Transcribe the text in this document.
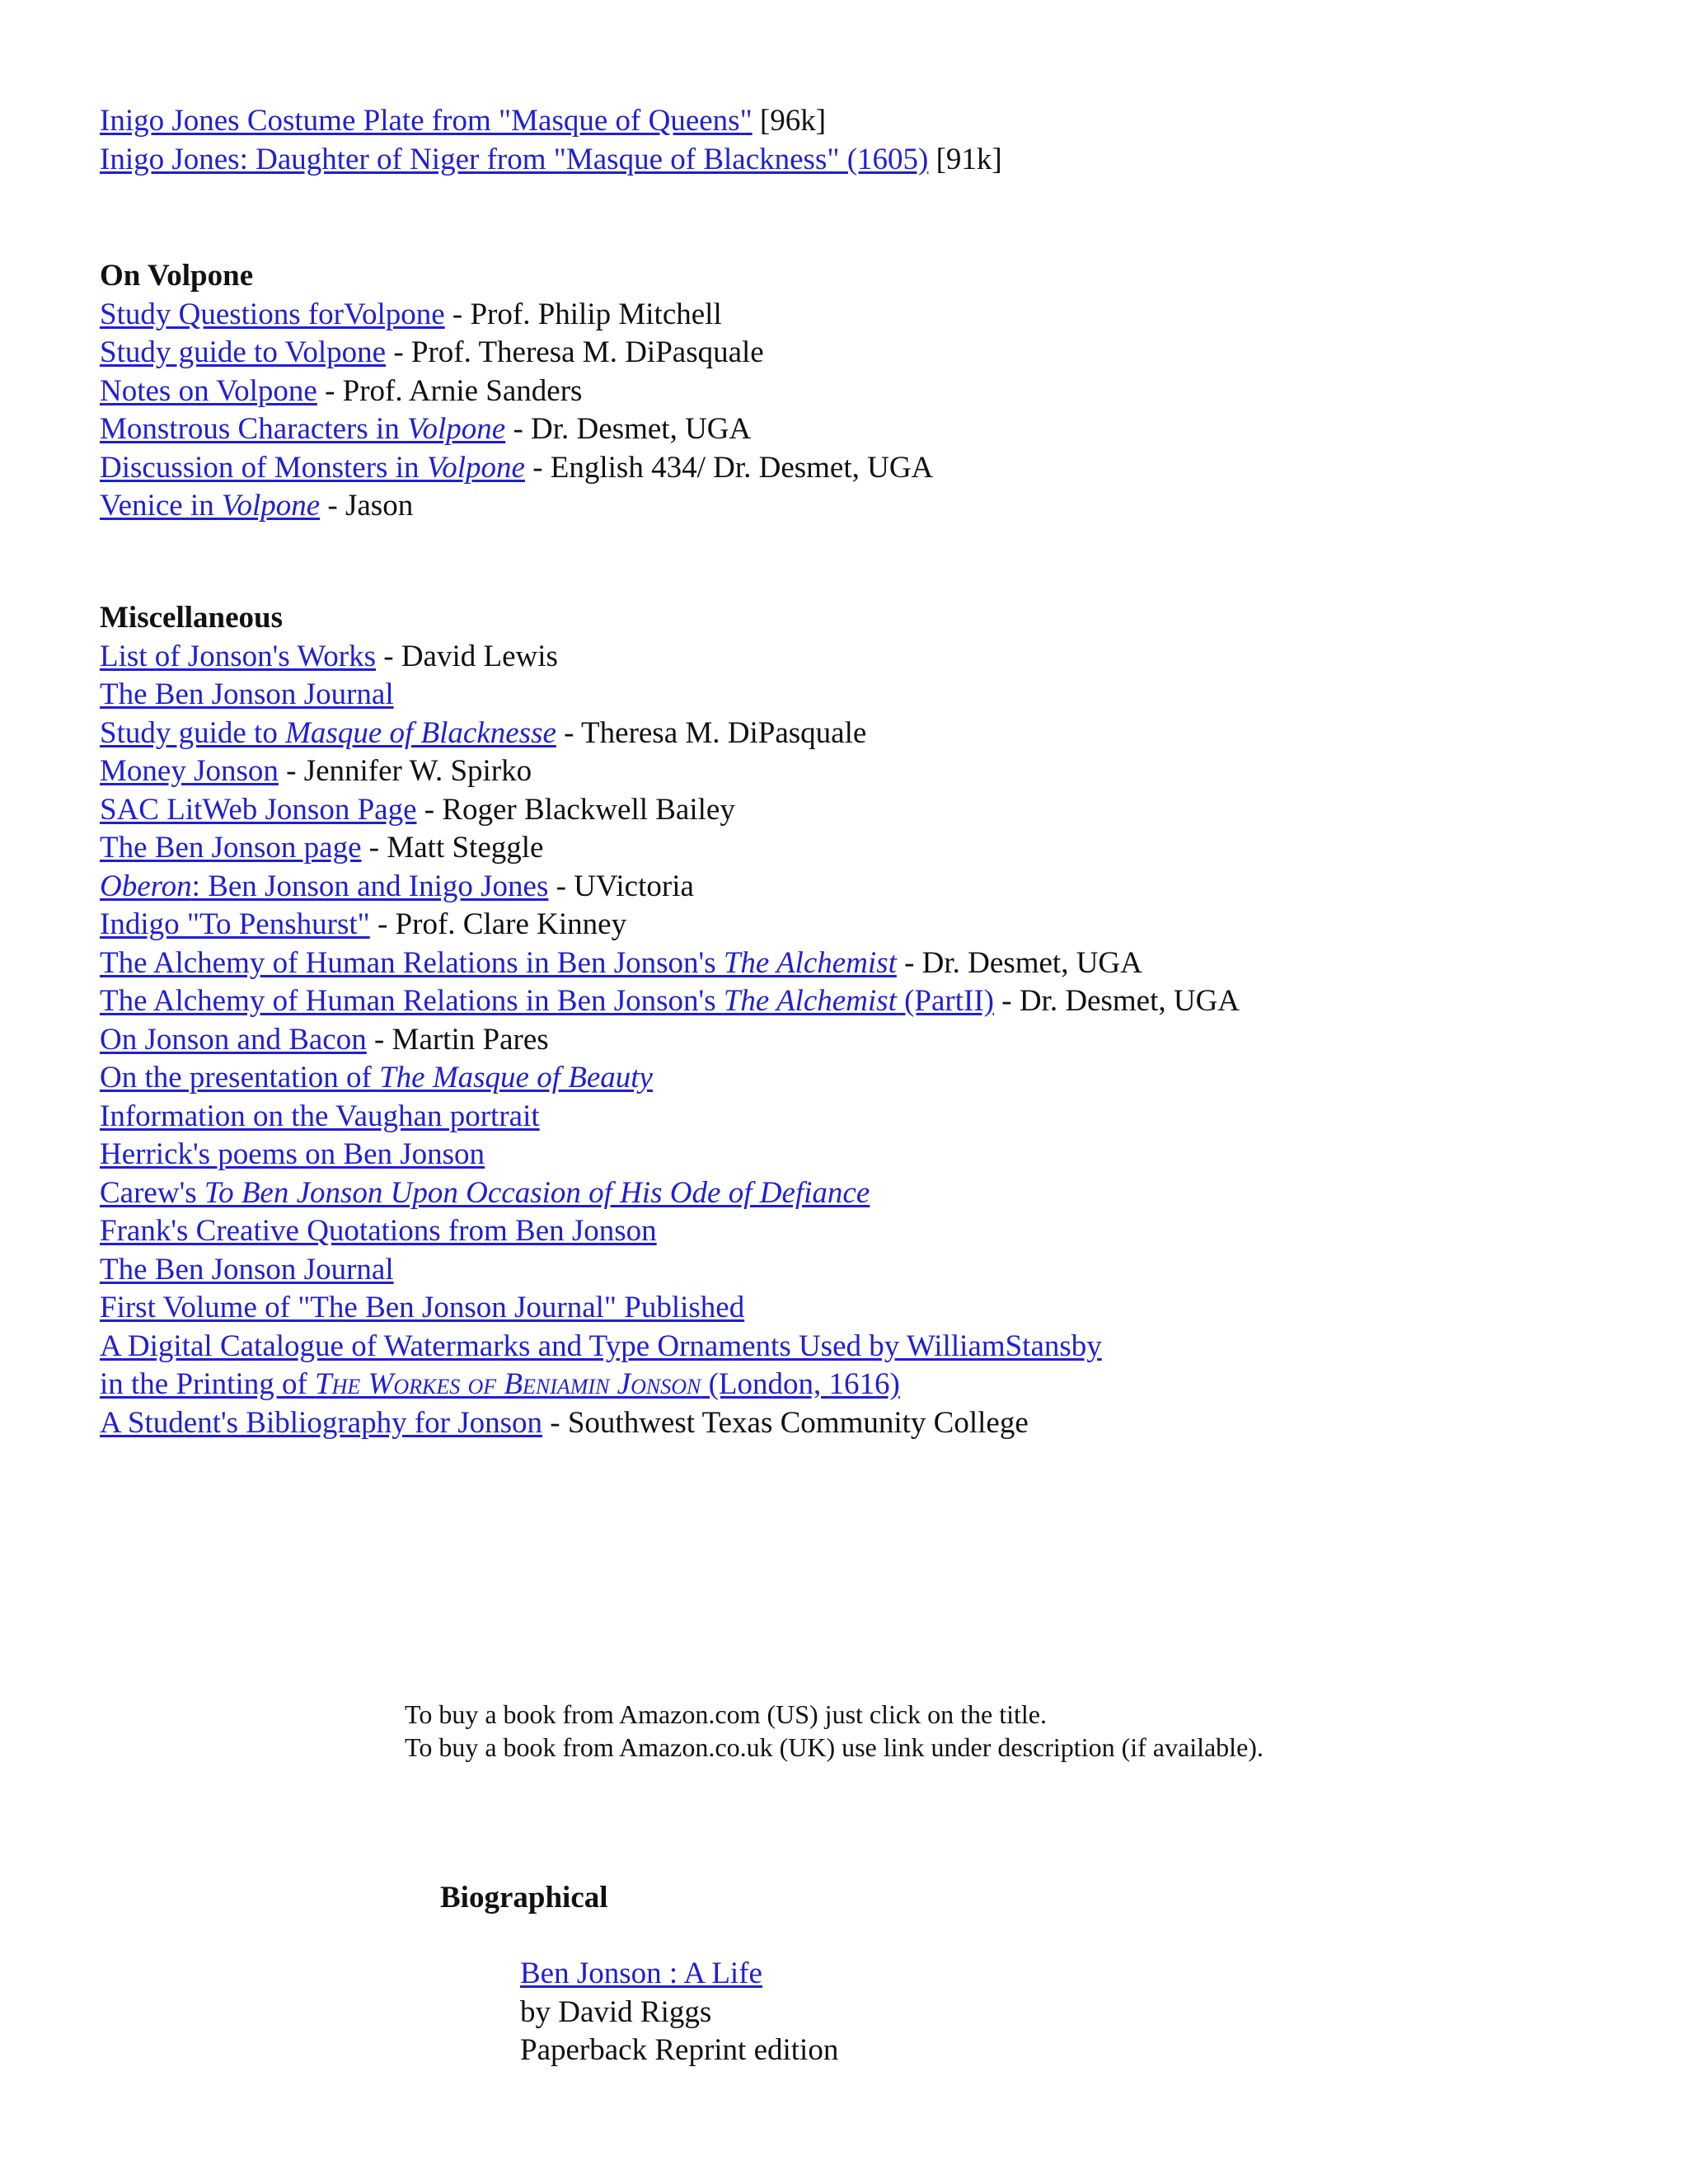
Inigo Jones Costume Plate from "Masque of Queens" [96k]
Inigo Jones: Daughter of Niger from "Masque of Blackness" (1605) [91k]
On Volpone
Study Questions forVolpone - Prof. Philip Mitchell
Study guide to Volpone - Prof. Theresa M. DiPasquale
Notes on Volpone - Prof. Arnie Sanders
Monstrous Characters in Volpone - Dr. Desmet, UGA
Discussion of Monsters in Volpone - English 434/ Dr. Desmet, UGA
Venice in Volpone - Jason
Miscellaneous
List of Jonson's Works - David Lewis
The Ben Jonson Journal
Study guide to Masque of Blacknesse - Theresa M. DiPasquale
Money Jonson - Jennifer W. Spirko
SAC LitWeb Jonson Page - Roger Blackwell Bailey
The Ben Jonson page - Matt Steggle
Oberon: Ben Jonson and Inigo Jones - UVictoria
Indigo "To Penshurst" - Prof. Clare Kinney
The Alchemy of Human Relations in Ben Jonson's The Alchemist - Dr. Desmet, UGA
The Alchemy of Human Relations in Ben Jonson's The Alchemist (PartII) - Dr. Desmet, UGA
On Jonson and Bacon - Martin Pares
On the presentation of The Masque of Beauty
Information on the Vaughan portrait
Herrick's poems on Ben Jonson
Carew's To Ben Jonson Upon Occasion of His Ode of Defiance
Frank's Creative Quotations from Ben Jonson
The Ben Jonson Journal
First Volume of "The Ben Jonson Journal" Published
A Digital Catalogue of Watermarks and Type Ornaments Used by WilliamStansby
in the Printing of The Workes of Beniamin Jonson (London, 1616)
A Student's Bibliography for Jonson - Southwest Texas Community College
To buy a book from Amazon.com (US) just click on the title.
To buy a book from Amazon.co.uk (UK) use link under description (if available).
Biographical
Ben Jonson : A Life
by David Riggs
Paperback Reprint edition
